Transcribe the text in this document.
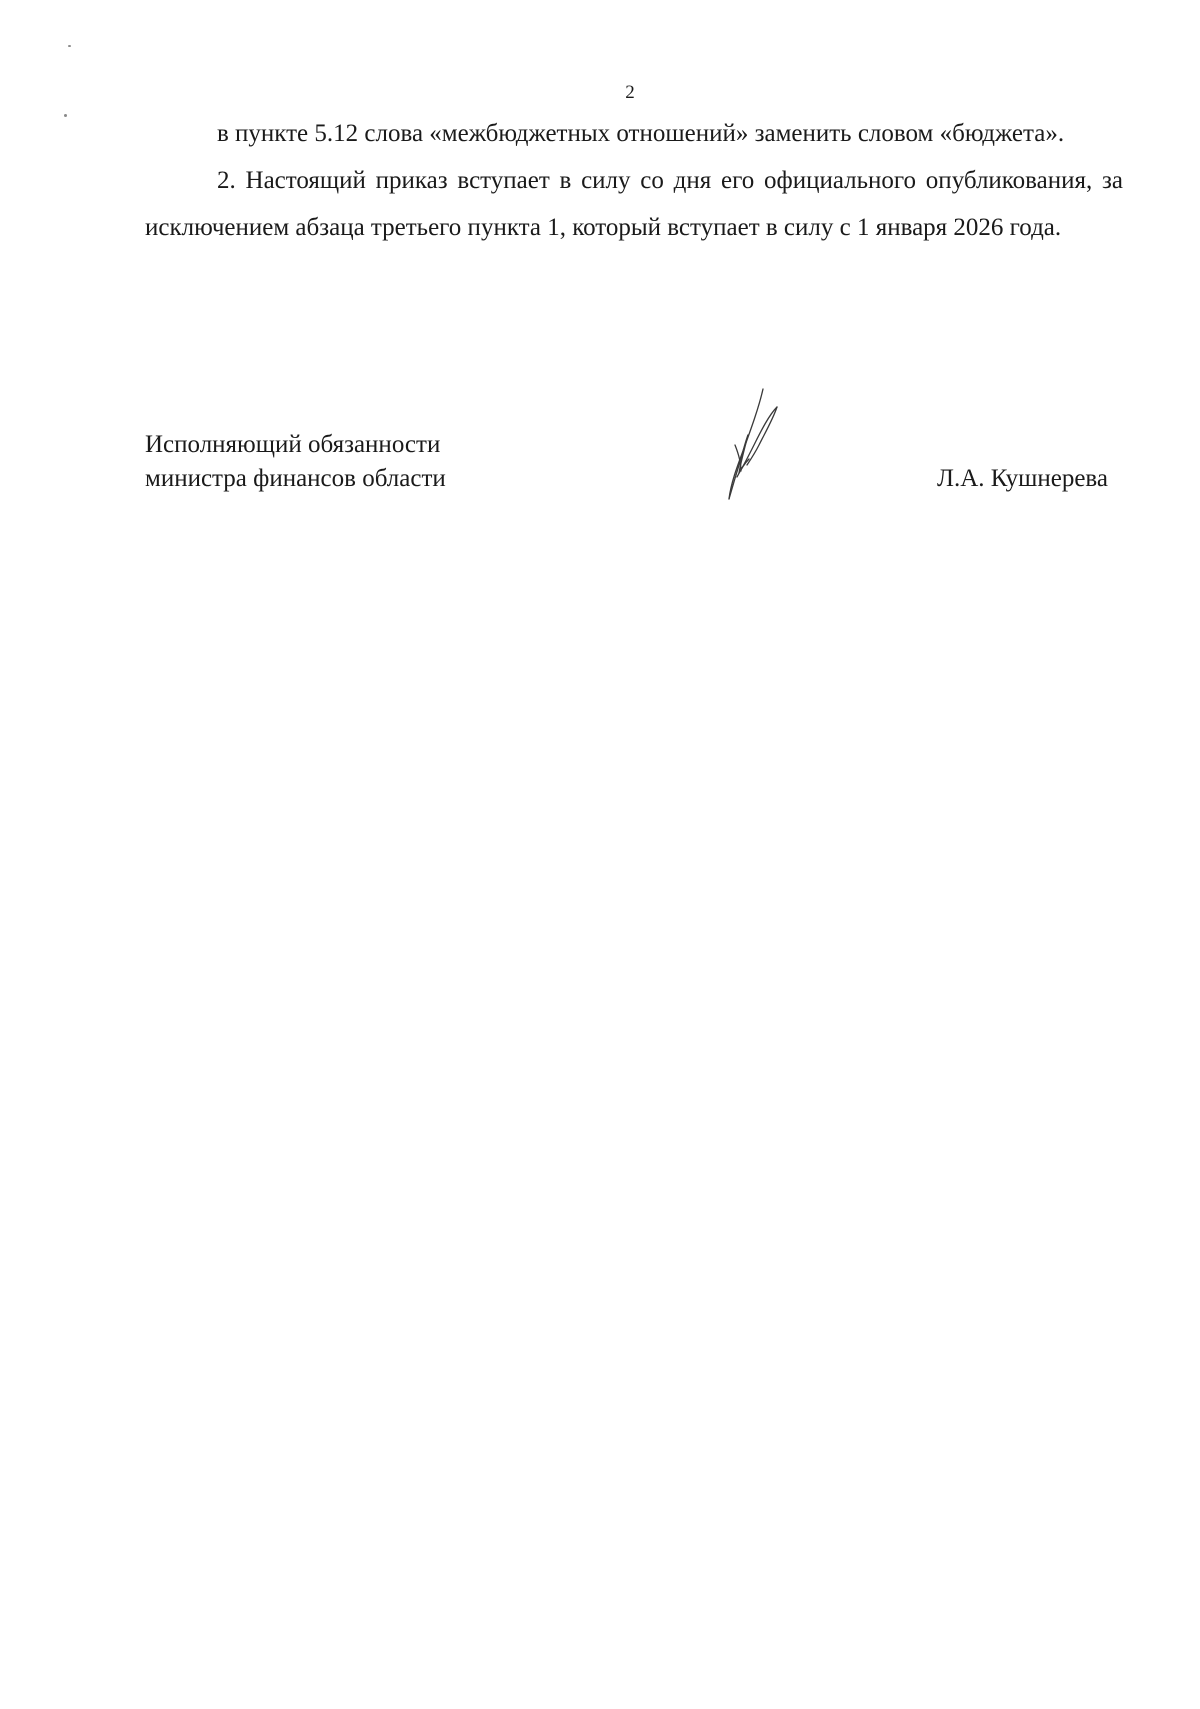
2

в пункте 5.12 слова «межбюджетных отношений» заменить словом «бюджета».

2. Настоящий приказ вступает в силу со дня его официального опубликования, за исключением абзаца третьего пункта 1, который вступает в силу с 1 января 2026 года.

Исполняющий обязанности
министра финансов области	Л.А. Кушнерева
